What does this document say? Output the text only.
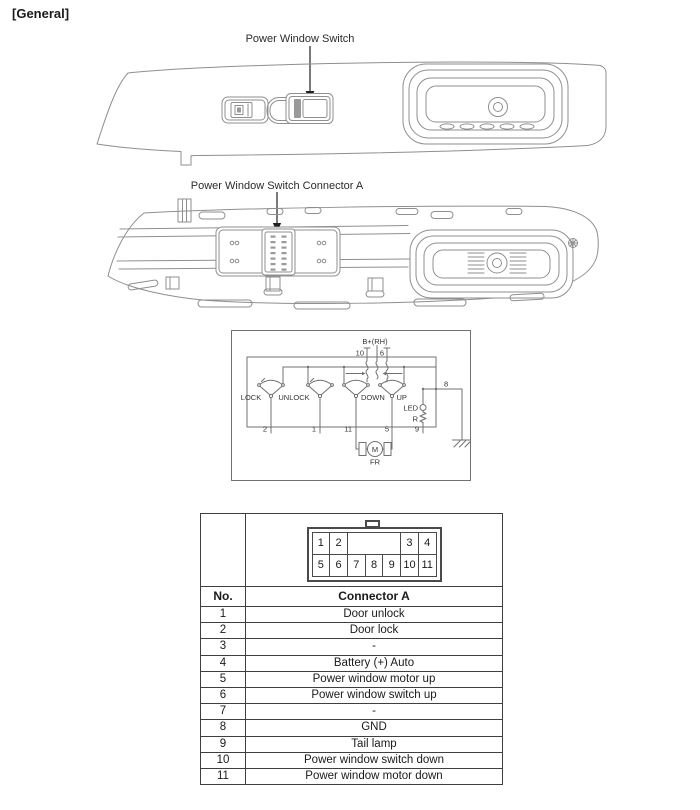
[General]
Power Window Switch
Power Window Switch Connector A
B+(RH)
10 6
LOCK UNLOCK	DOWN UP
2	1	11	5	9
LED
R
8
M
FR

1	2	3	4
5	6	7	8	9 10 11

No.	Connector A
1	Door unlock
2	Door lock
3	-
4	Battery (+) Auto
5	Power window motor up
6	Power window switch up
7	-
8	GND
9	Tail lamp
10	Power window switch down
11	Power window motor down
